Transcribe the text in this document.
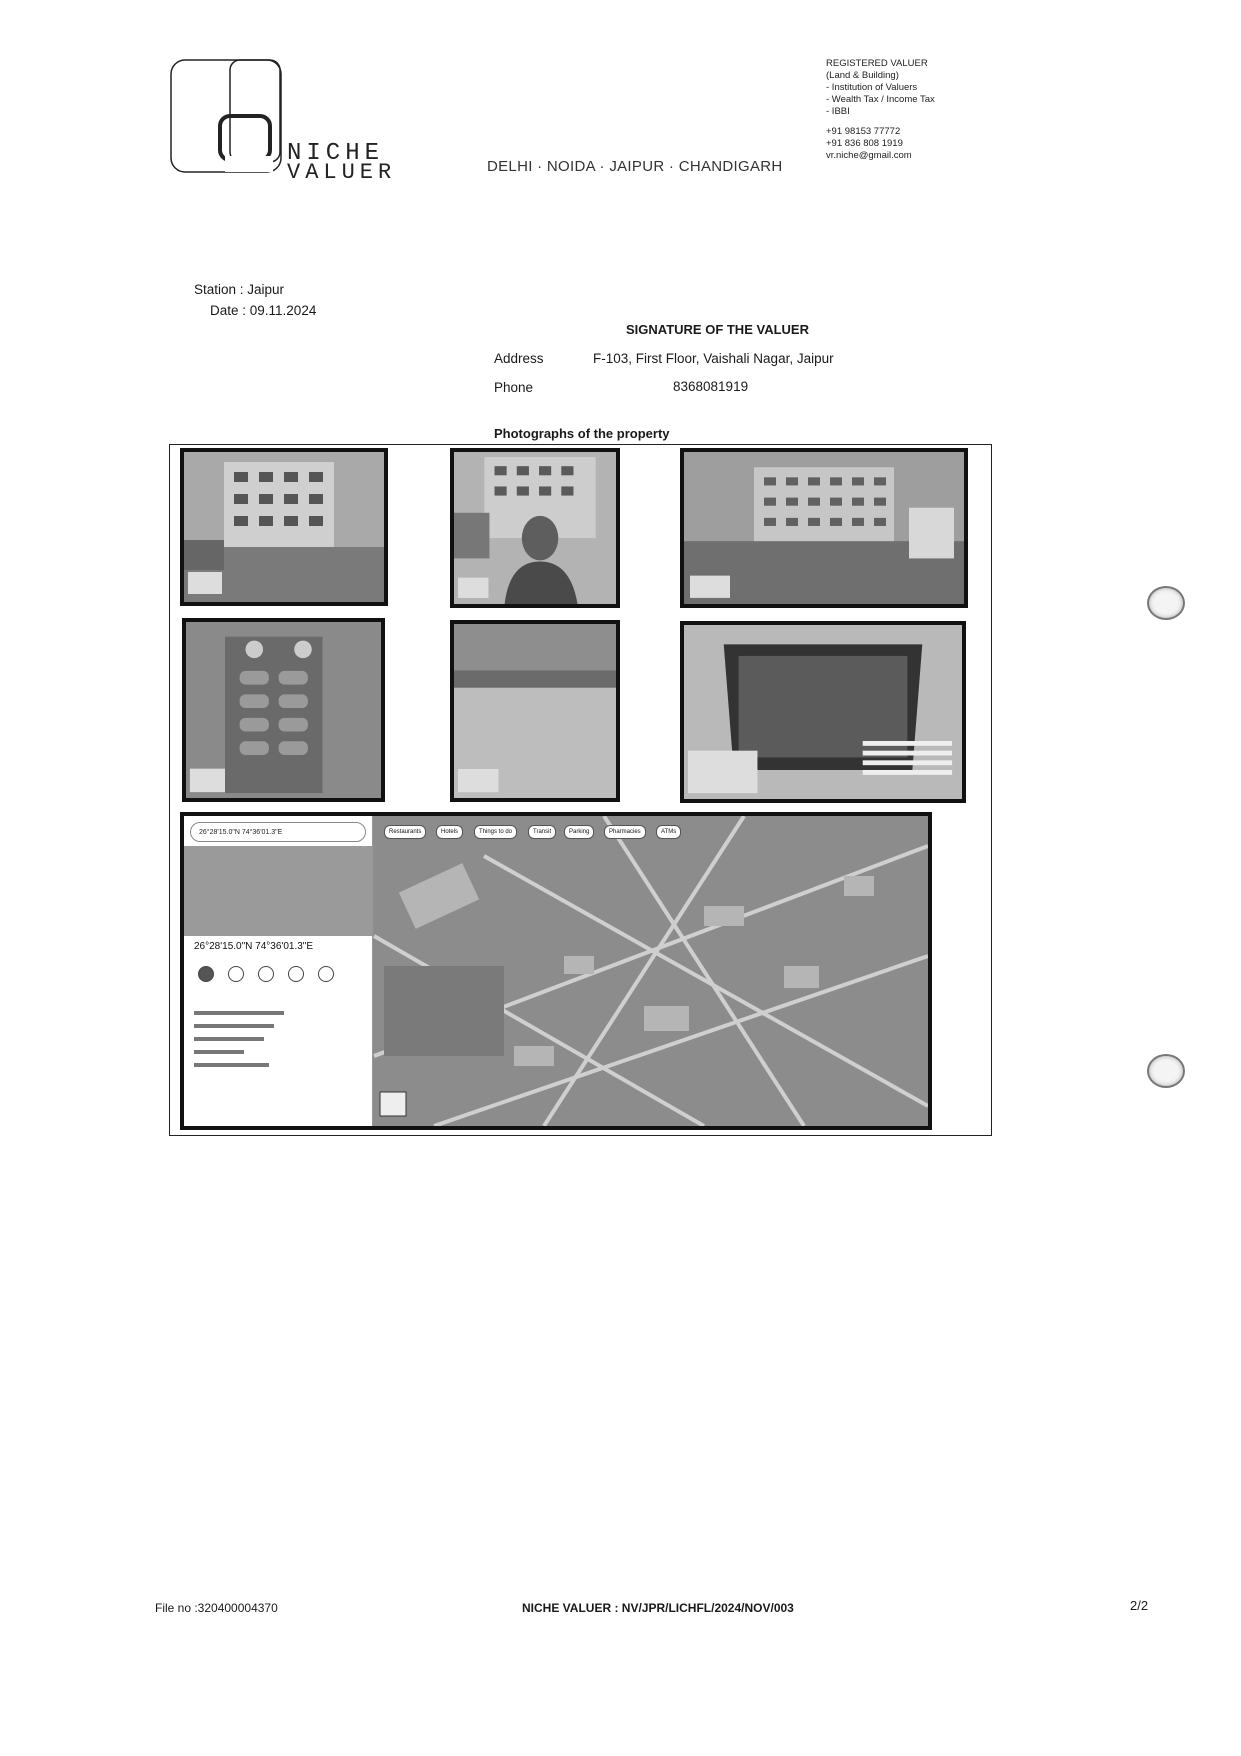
NICHE
VALUER	DELHI · NOIDA · JAIPUR · CHANDIGARH
REGISTERED VALUER
(Land & Building)
- Institution of Valuers
- Wealth Tax / Income Tax
- IBBI
+91 98153 77772
+91 836 808 1919
vr.niche@gmail.com
Station : Jaipur
Date : 09.11.2024
SIGNATURE OF THE VALUER
Address	F-103, First Floor, Vaishali Nagar, Jaipur
Phone	8368081919
Photographs of the property
Restaurants	Hotels	Things to do	Transit	Parking	Pharmacies	ATMs
26°28'15.0"N 74°36'01.3"E
26°28'15.0"N 74°36'01.3"E
File no :320400004370	NICHE VALUER : NV/JPR/LICHFL/2024/NOV/003	2/2
